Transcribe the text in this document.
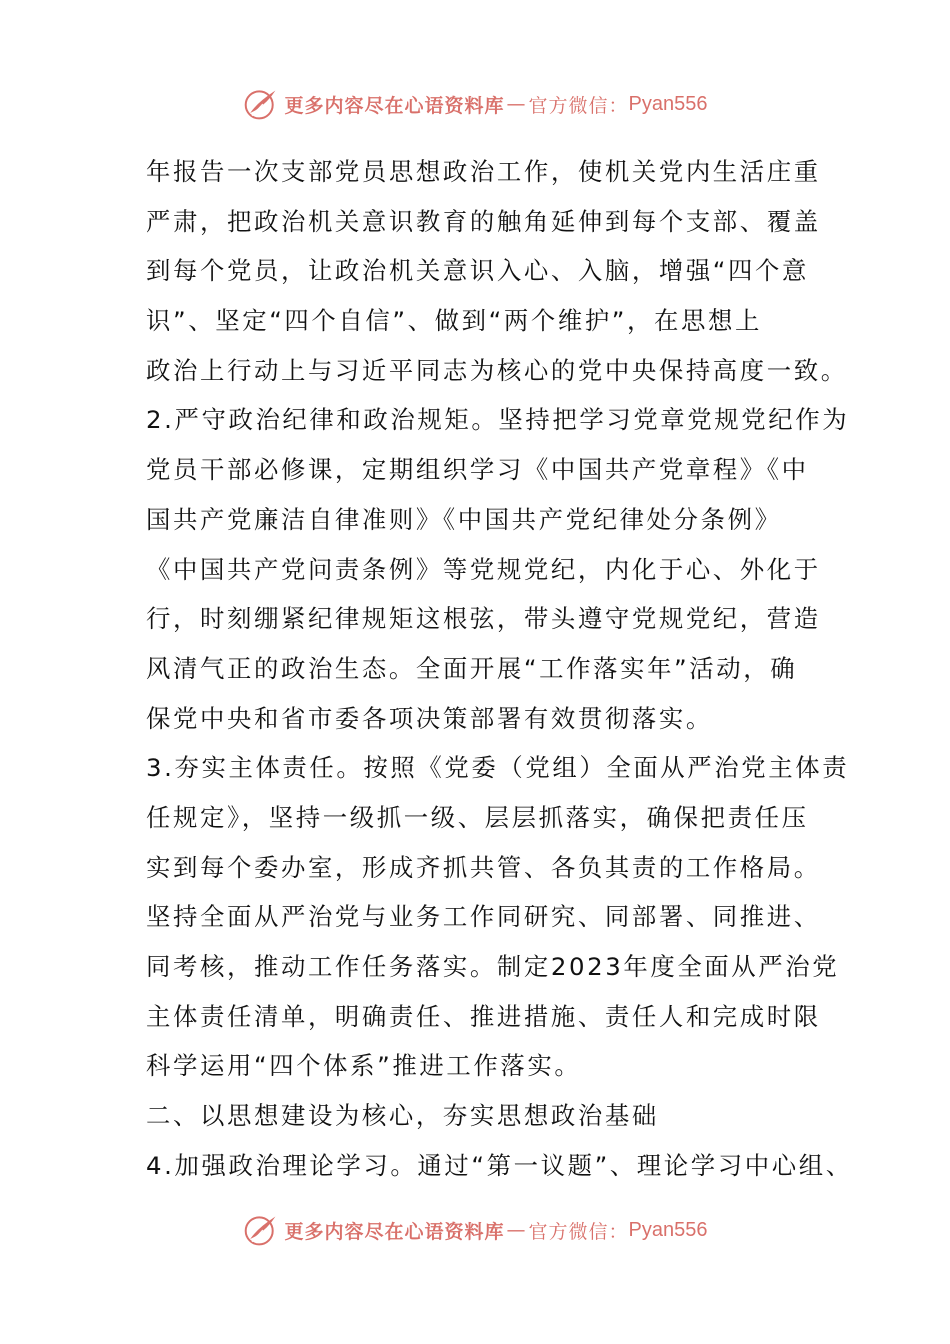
更多内容尽在心语资料库 — 官方微信： Pyan556
年报告一次支部党员思想政治工作，使机关党内生活庄重
严肃，把政治机关意识教育的触角延伸到每个支部、覆盖
到每个党员，让政治机关意识入心、入脑，增强“四个意
识”、坚定“四个自信”、做到“两个维护”，在思想上
政治上行动上与习近平同志为核心的党中央保持高度一致。
2.严守政治纪律和政治规矩。坚持把学习党章党规党纪作为
党员干部必修课，定期组织学习《中国共产党章程》《中
国共产党廉洁自律准则》《中国共产党纪律处分条例》
《中国共产党问责条例》等党规党纪，内化于心、外化于
行，时刻绷紧纪律规矩这根弦，带头遵守党规党纪，营造
风清气正的政治生态。全面开展“工作落实年”活动，确
保党中央和省市委各项决策部署有效贯彻落实。
3.夯实主体责任。按照《党委（党组）全面从严治党主体责
任规定》，坚持一级抓一级、层层抓落实，确保把责任压
实到每个委办室，形成齐抓共管、各负其责的工作格局。
坚持全面从严治党与业务工作同研究、同部署、同推进、
同考核，推动工作任务落实。制定2023年度全面从严治党
主体责任清单，明确责任、推进措施、责任人和完成时限
科学运用“四个体系”推进工作落实。
二、以思想建设为核心，夯实思想政治基础
4.加强政治理论学习。通过“第一议题”、理论学习中心组、
更多内容尽在心语资料库 — 官方微信： Pyan556
